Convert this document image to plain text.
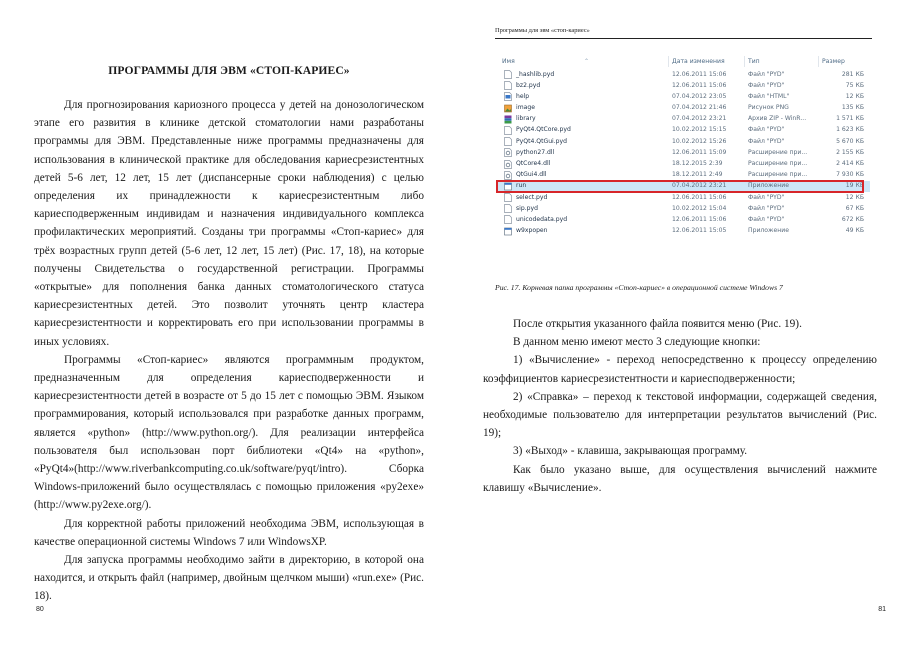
ПРОГРАММЫ ДЛЯ ЭВМ «СТОП-КАРИЕС»

Для прогнозирования кариозного процесса у детей на донозологическом этапе его развития в клинике детской стоматологии нами разработаны программы для ЭВМ. Представленные ниже программы предназначены для использования в клинической практике для обследования кариесрезистентных детей 5-6 лет, 12 лет, 15 лет (диспансерные сроки наблюдения) с целью определения их принадлежности к кариесрезистентным либо кариесподверженным индивидам и назначения индивидуального комплекса профилактических мероприятий. Созданы три программы «Стоп-кариес» для трёх возрастных групп детей (5-6 лет, 12 лет, 15 лет) (Рис. 17, 18), на которые получены Свидетельства о государственной регистрации. Программы «открытые» для пополнения банка данных стоматологического статуса кариесрезистентных детей. Это позволит уточнять центр кластера кариесрезистентности и корректировать его при использовании программы в иных условиях.

Программы «Стоп-кариес» являются программным продуктом, предназначенным для определения кариесподверженности и кариесрезистентности детей в возрасте от 5 до 15 лет с помощью ЭВМ. Языком программирования, который использовался при разработке данных программ, является «python» (http://www.python.org/). Для реализации интерфейса пользователя был использован порт библиотеки «Qt4» на «python», «PyQt4»(http://www.riverbankcomputing.co.uk/software/pyqt/intro). Сборка Windows-приложений было осуществлялась с помощью приложения «py2exe» (http://www.py2exe.org/).

Для корректной работы приложений необходима ЭВМ, использующая в качестве операционной системы Windows 7 или WindowsXP.

Для запуска программы необходимо зайти в директорию, в которой она находится, и открыть файл (например, двойным щелчком мыши) «run.exe» (Рис. 18).

80
Программы для эвм «стоп-кариес»
⌃
Имя	Дата изменения	Тип	Размер
_hashlib.pyd	12.06.2011 15:06	Файл "PYD"	281 КБ
bz2.pyd	12.06.2011 15:06	Файл "PYD"	75 КБ
help	07.04.2012 23:05	Файл "HTML"	12 КБ
image	07.04.2012 21:46	Рисунок PNG	135 КБ
library	07.04.2012 23:21	Архив ZIP - WinR...	1 571 КБ
PyQt4.QtCore.pyd	10.02.2012 15:15	Файл "PYD"	1 623 КБ
PyQt4.QtGui.pyd	10.02.2012 15:26	Файл "PYD"	5 670 КБ
python27.dll	12.06.2011 15:09	Расширение при...	2 155 КБ
QtCore4.dll	18.12.2015 2:39	Расширение при...	2 414 КБ
QtGui4.dll	18.12.2011 2:49	Расширение при...	7 930 КБ
run	07.04.2012 23:21	Приложение	19 КБ
select.pyd	12.06.2011 15:06	Файл "PYD"	12 КБ
sip.pyd	10.02.2012 15:04	Файл "PYD"	67 КБ
unicodedata.pyd	12.06.2011 15:06	Файл "PYD"	672 КБ
w9xpopen	12.06.2011 15:05	Приложение	49 КБ
Рис. 17. Корневая папка программы «Стоп-кариес» в операционной системе Windows 7

После открытия указанного файла появится меню (Рис. 19).

В данном меню имеют место 3 следующие кнопки:

1) «Вычисление» - переход непосредственно к процессу определению коэффициентов кариесрезистентности и кариесподверженности;

2) «Справка» – переход к текстовой информации, содержащей сведения, необходимые пользователю для интерпретации результатов вычислений (Рис. 19);

3) «Выход» - клавиша, закрывающая программу.

Как было указано выше, для осуществления вычислений нажмите клавишу «Вычисление».

81
